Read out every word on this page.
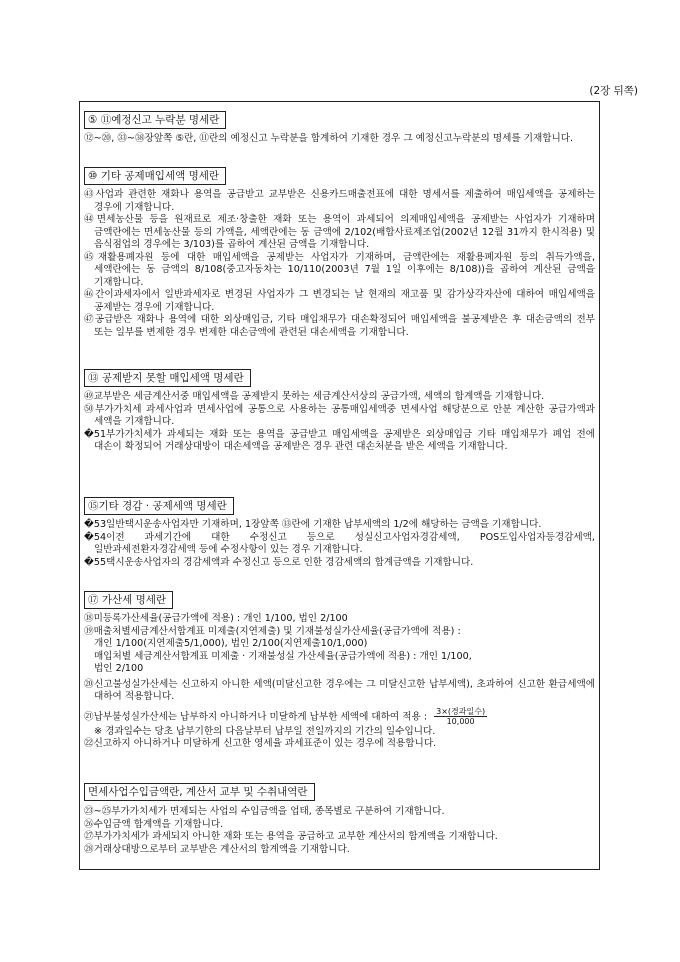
(2장 뒤쪽)
⑤ ⑪예정신고 누락분 명세란

⑫~⑳, ㉝~㊳장앞쪽 ⑤란, ⑪란의 예정신고 누락분을 합계하여 기재한 경우 그 예정신고누락분의 명세를 기재합니다.

⑩ 기타 공제매입세액 명세란

㊸사업과 관련한 재화나 용역을 공급받고 교부받은 신용카드매출전표에 대한 명세서를 제출하여 매입세액을 공제하는 경우에 기재합니다.

㊹면세농산물 등을 원재료로 제조·창출한 재화 또는 용역이 과세되어 의제매입세액을 공제받는 사업자가 기재하며 금액란에는 면세농산물 등의 가액을, 세액란에는 동 금액에 2/102(배합사료제조업(2002년 12월 31까지 한시적용) 및 음식점업의 경우에는 3/103)를 곱하여 계산된 금액을 기재합니다.

㊺재활용폐자원 등에 대한 매입세액을 공제받는 사업자가 기재하며, 금액란에는 재활용폐자원 등의 취득가액을, 세액란에는 동 금액의 8/108(중고자동차는 10/110(2003년 7월 1일 이후에는 8/108))을 곱하여 계산된 금액을 기재합니다.

㊻간이과세자에서 일반과세자로 변경된 사업자가 그 변경되는 날 현재의 재고품 및 감가상각자산에 대하여 매입세액을 공제받는 경우에 기재합니다.

㊼공급받은 재화나 용역에 대한 외상매입금, 기타 매입채무가 대손확정되어 매입세액을 불공제받은 후 대손금액의 전부 또는 일부를 변제한 경우 변제한 대손금액에 관련된 대손세액을 기재합니다.

⑬ 공제받지 못할 매입세액 명세란

㊾교부받은 세금계산서중 매입세액을 공제받지 못하는 세금계산서상의 공급가액, 세액의 합계액을 기재합니다.

㊿부가가치세 과세사업과 면세사업에 공통으로 사용하는 공통매입세액중 면세사업 해당분으로 안분 계산한 공급가액과 세액을 기재합니다.

�51부가가치세가 과세되는 재화 또는 용역을 공급받고 매입세액을 공제받은 외상매입금 기타 매입채무가 폐업 전에 대손이 확정되어 거래상대방이 대손세액을 공제받은 경우 관련 대손처분을 받은 세액을 기재합니다.

⑮기타 경감 · 공제세액 명세란

�53일반택시운송사업자만 기재하며, 1장앞쪽 ⑬란에 기재한 납부세액의 1/2에 해당하는 금액을 기재합니다.

�54이전 과세기간에 대한 수정신고 등으로 성실신고사업자경감세액, POS도입사업자등경감세액, 일반과세전환자경감세액 등에 수정사항이 있는 경우 기재합니다.

�55택시운송사업자의 경감세액과 수정신고 등으로 인한 경감세액의 합계금액을 기재합니다.

⑰ 가산세 명세란

⑱미등록가산세율(공급가액에 적용) : 개인 1/100, 법인 2/100

⑲매출처별세금계산서합계표 미제출(지연제출) 및 기재불성실가산세율(공급가액에 적용) :

개인 1/100(지연제출5/1,000), 법인 2/100(지연제출10/1,000)

매입처별 세금계산서합계표 미제출 · 기재불성실 가산세율(공급가액에 적용) : 개인 1/100,

법인 2/100

⑳신고불성실가산세는 신고하지 아니한 세액(미달신고한 경우에는 그 미달신고한 납부세액), 초과하여 신고한 환급세액에 대하여 적용합니다.

㉑납부불성실가산세는 납부하지 아니하거나 미달하게 납부한 세액에 대하여 적용 : $\frac{\text{3×(경과일수)}}{10,000}$

※ 경과일수는 당초 납부기한의 다음날부터 납부일 전일까지의 기간의 일수입니다.

㉒신고하지 아니하거나 미달하게 신고한 영세율 과세표준이 있는 경우에 적용합니다.

면세사업수입금액란, 계산서 교부 및 수취내역란

㉓~㉕부가가치세가 면제되는 사업의 수입금액을 업태, 종목별로 구분하여 기재합니다.

㉖수입금액 합계액을 기재합니다.

㉗부가가치세가 과세되지 아니한 재화 또는 용역을 공급하고 교부한 계산서의 합계액을 기재합니다.

㉘거래상대방으로부터 교부받은 계산서의 합계액을 기재합니다.
